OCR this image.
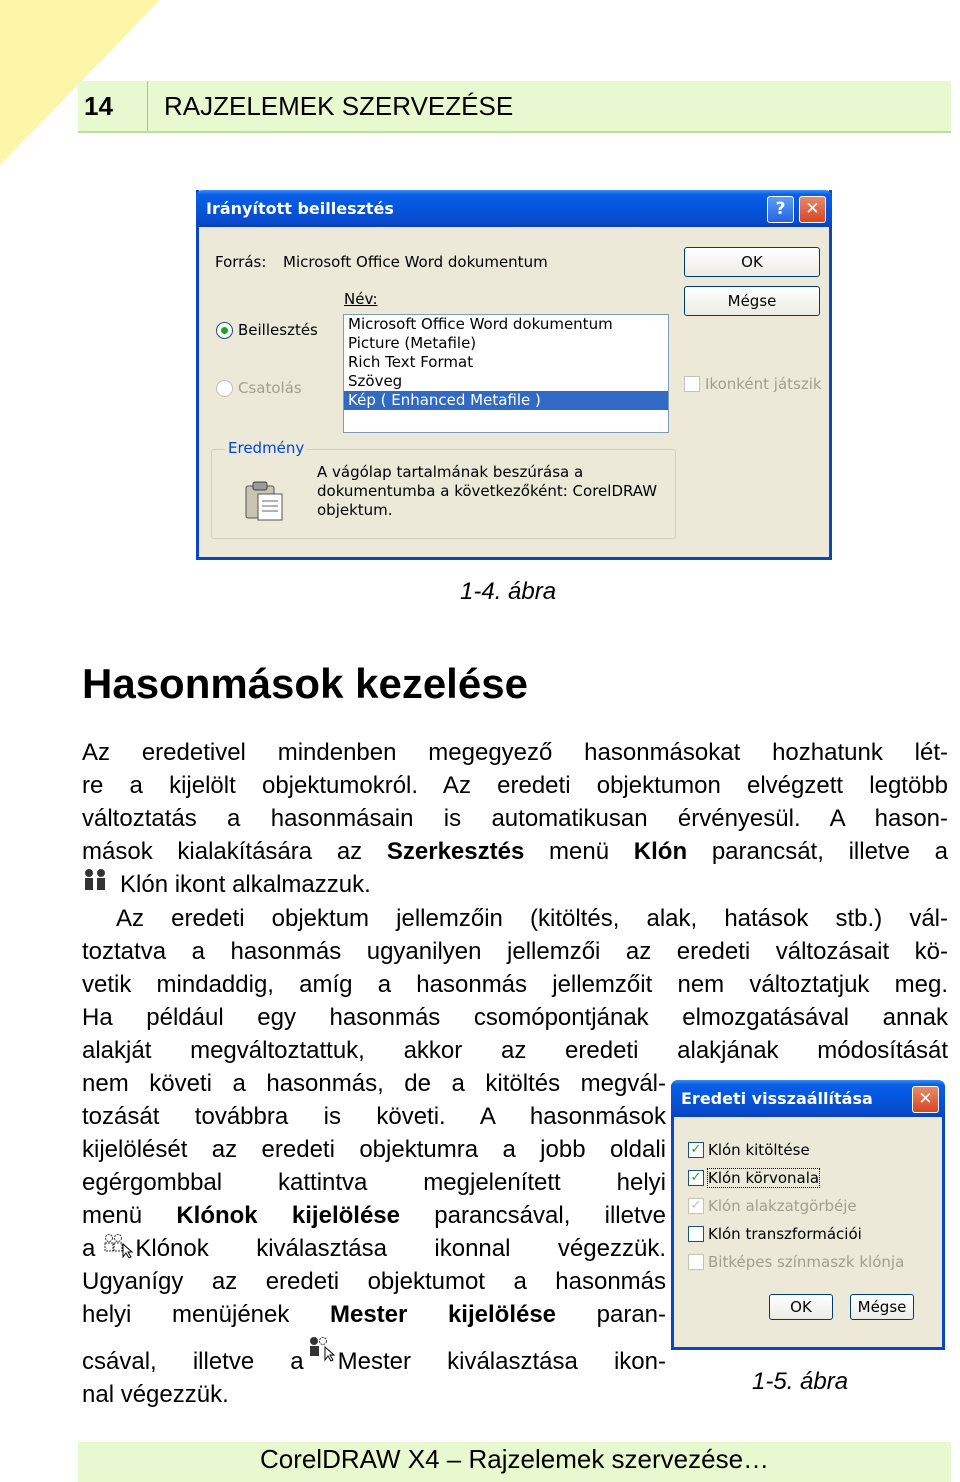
14	RAJZELEMEK SZERVEZÉSE
Irányított beillesztés	?	✕
Forrás: Microsoft Office Word dokumentum
Név:
Beillesztés
Csatolás
Microsoft Office Word dokumentum
Picture (Metafile)
Rich Text Format
Szöveg
Kép ( Enhanced Metafile )
OK
Mégse
Ikonként játszik
Eredmény
A vágólap tartalmának beszúrása a
dokumentumba a következőként: CorelDRAW
objektum.
1-4. ábra
Hasonmások kezelése

Az eredetivel mindenben megegyező hasonmásokat hozhatunk lét-

re a kijelölt objektumokról. Az eredeti objektumon elvégzett legtöbb

változtatás a hasonmásain is automatikusan érvényesül. A hason-

mások kialakítására az Szerkesztés menü Klón parancsát, illetve a

Klón ikont alkalmazzuk.

Az eredeti objektum jellemzőin (kitöltés, alak, hatások stb.) vál-

toztatva a hasonmás ugyanilyen jellemzői az eredeti változásait kö-

vetik mindaddig, amíg a hasonmás jellemzőit nem változtatjuk meg.

Ha például egy hasonmás csomópontjának elmozgatásával annak

alakját megváltoztattuk, akkor az eredeti alakjának módosítását

nem követi a hasonmás, de a kitöltés megvál-

tozását továbbra is követi. A hasonmások

kijelölését az eredeti objektumra a jobb oldali

egérgombbal kattintva megjelenített helyi

menü Klónok kijelölése parancsával, illetve

a Klónok kiválasztása ikonnal végezzük.

Ugyanígy az eredeti objektumot a hasonmás

helyi menüjének Mester kijelölése paran-

csával, illetve a Mester kiválasztása ikon-

nal végezzük.

Eredeti visszaállítása	✕
✓ Klón kitöltése
✓ Klón körvonala
✓ Klón alakzatgörbéje
Klón transzformációi
Bitképes színmaszk klónja
OK	Mégse
1-5. ábra
CorelDRAW X4 – Rajzelemek szervezése…
